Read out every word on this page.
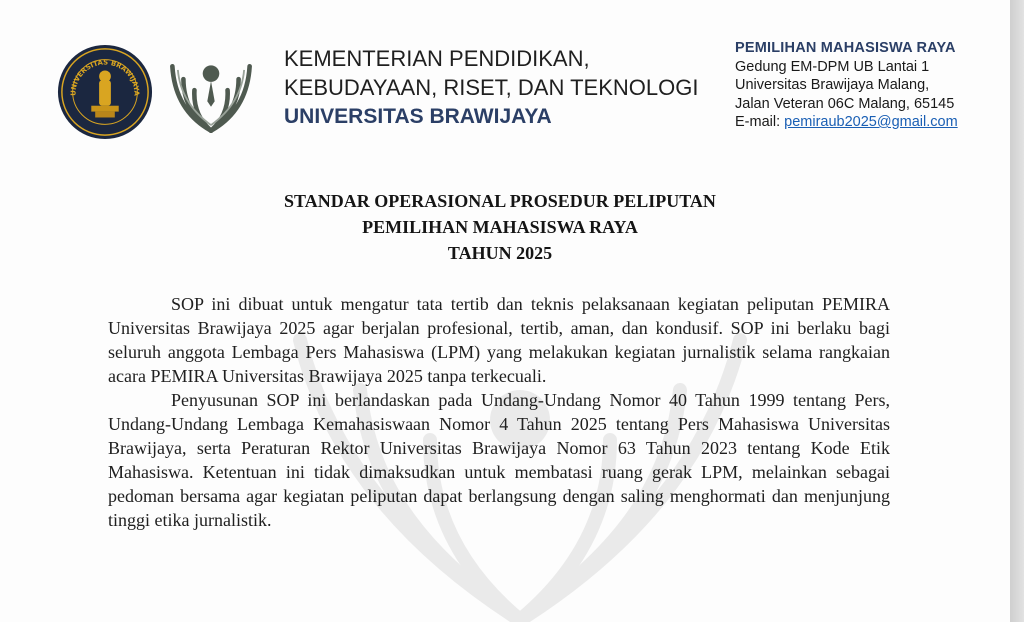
UNIVERSITAS BRAWIJAYA
KEMENTERIAN PENDIDIKAN,
KEBUDAYAAN, RISET, DAN TEKNOLOGI
UNIVERSITAS BRAWIJAYA
PEMILIHAN MAHASISWA RAYA
Gedung EM-DPM UB Lantai 1
Universitas Brawijaya Malang,
Jalan Veteran 06C Malang, 65145
E-mail: pemiraub2025@gmail.com
STANDAR OPERASIONAL PROSEDUR PELIPUTAN
PEMILIHAN MAHASISWA RAYA
TAHUN 2025

SOP ini dibuat untuk mengatur tata tertib dan teknis pelaksanaan kegiatan peliputan PEMIRA Universitas Brawijaya 2025 agar berjalan profesional, tertib, aman, dan kondusif. SOP ini berlaku bagi seluruh anggota Lembaga Pers Mahasiswa (LPM) yang melakukan kegiatan jurnalistik selama rangkaian acara PEMIRA Universitas Brawijaya 2025 tanpa terkecuali.

Penyusunan SOP ini berlandaskan pada Undang-Undang Nomor 40 Tahun 1999 tentang Pers, Undang-Undang Lembaga Kemahasiswaan Nomor 4 Tahun 2025 tentang Pers Mahasiswa Universitas Brawijaya, serta Peraturan Rektor Universitas Brawijaya Nomor 63 Tahun 2023 tentang Kode Etik Mahasiswa. Ketentuan ini tidak dimaksudkan untuk membatasi ruang gerak LPM, melainkan sebagai pedoman bersama agar kegiatan peliputan dapat berlangsung dengan saling menghormati dan menjunjung tinggi etika jurnalistik.
